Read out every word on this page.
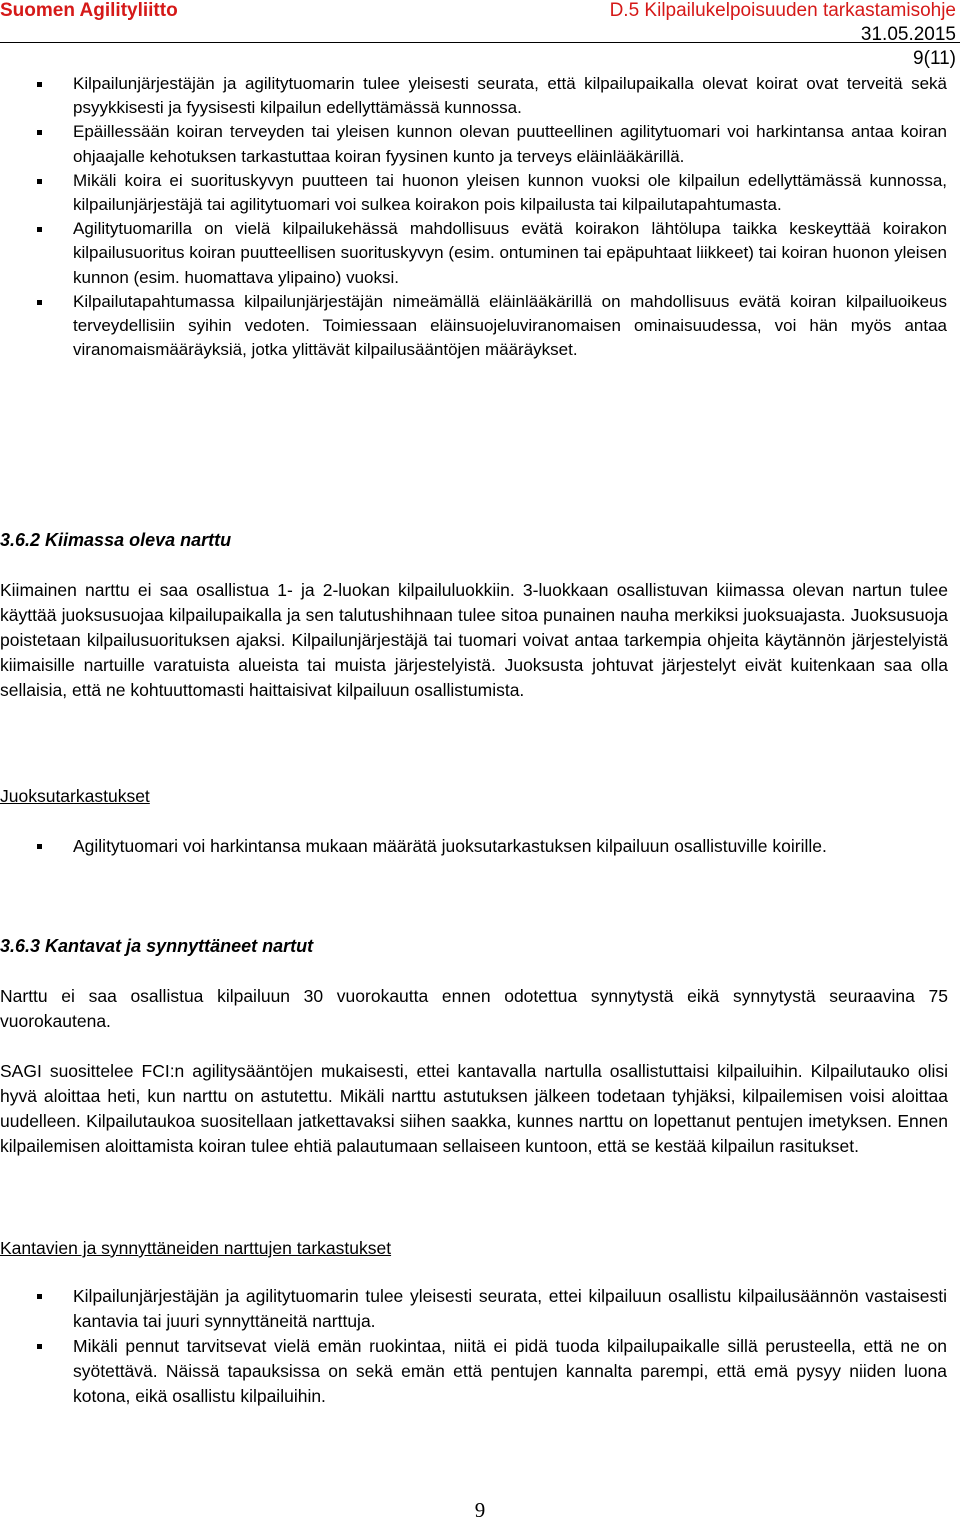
Suomen Agilityliitto	D.5 Kilpailukelpoisuuden tarkastamisohje
31.05.2015
9(11)
Kilpailunjärjestäjän ja agilitytuomarin tulee yleisesti seurata, että kilpailupaikalla olevat koirat ovat terveitä sekä psyykkisesti ja fyysisesti kilpailun edellyttämässä kunnossa.
Epäillessään koiran terveyden tai yleisen kunnon olevan puutteellinen agilitytuomari voi harkintansa antaa koiran ohjaajalle kehotuksen tarkastuttaa koiran fyysinen kunto ja terveys eläinlääkärillä.
Mikäli koira ei suorituskyvyn puutteen tai huonon yleisen kunnon vuoksi ole kilpailun edellyttämässä kunnossa, kilpailunjärjestäjä tai agilitytuomari voi sulkea koirakon pois kilpailusta tai kilpailutapahtumasta.
Agilitytuomarilla on vielä kilpailukehässä mahdollisuus evätä koirakon lähtölupa taikka keskeyttää koirakon kilpailusuoritus koiran puutteellisen suorituskyvyn (esim. ontuminen tai epäpuhtaat liikkeet) tai koiran huonon yleisen kunnon (esim. huomattava ylipaino) vuoksi.
Kilpailutapahtumassa kilpailunjärjestäjän nimeämällä eläinlääkärillä on mahdollisuus evätä koiran kilpailuoikeus terveydellisiin syihin vedoten. Toimiessaan eläinsuojeluviranomaisen ominaisuudessa, voi hän myös antaa viranomaismääräyksiä, jotka ylittävät kilpailusääntöjen määräykset.
3.6.2 Kiimassa oleva narttu

Kiimainen narttu ei saa osallistua 1- ja 2-luokan kilpailuluokkiin. 3-luokkaan osallistuvan kiimassa olevan nartun tulee käyttää juoksusuojaa kilpailupaikalla ja sen talutushihnaan tulee sitoa punainen nauha merkiksi juoksuajasta. Juoksusuoja poistetaan kilpailusuorituksen ajaksi. Kilpailunjärjestäjä tai tuomari voivat antaa tarkempia ohjeita käytännön järjestelyistä kiimaisille nartuille varatuista alueista tai muista järjestelyistä. Juoksusta johtuvat järjestelyt eivät kuitenkaan saa olla sellaisia, että ne kohtuuttomasti haittaisivat kilpailuun osallistumista.

Juoksutarkastukset
Agilitytuomari voi harkintansa mukaan määrätä juoksutarkastuksen kilpailuun osallistuville koirille.
3.6.3 Kantavat ja synnyttäneet nartut

Narttu ei saa osallistua kilpailuun 30 vuorokautta ennen odotettua synnytystä eikä synnytystä seuraavina 75 vuorokautena.

SAGI suosittelee FCI:n agilitysääntöjen mukaisesti, ettei kantavalla nartulla osallistuttaisi kilpailuihin. Kilpailutauko olisi hyvä aloittaa heti, kun narttu on astutettu. Mikäli narttu astutuksen jälkeen todetaan tyhjäksi, kilpailemisen voisi aloittaa uudelleen. Kilpailutaukoa suositellaan jatkettavaksi siihen saakka, kunnes narttu on lopettanut pentujen imetyksen. Ennen kilpailemisen aloittamista koiran tulee ehtiä palautumaan sellaiseen kuntoon, että se kestää kilpailun rasitukset.

Kantavien ja synnyttäneiden narttujen tarkastukset
Kilpailunjärjestäjän ja agilitytuomarin tulee yleisesti seurata, ettei kilpailuun osallistu kilpailusäännön vastaisesti kantavia tai juuri synnyttäneitä narttuja.
Mikäli pennut tarvitsevat vielä emän ruokintaa, niitä ei pidä tuoda kilpailupaikalle sillä perusteella, että ne on syötettävä. Näissä tapauksissa on sekä emän että pentujen kannalta parempi, että emä pysyy niiden luona kotona, eikä osallistu kilpailuihin.
9
